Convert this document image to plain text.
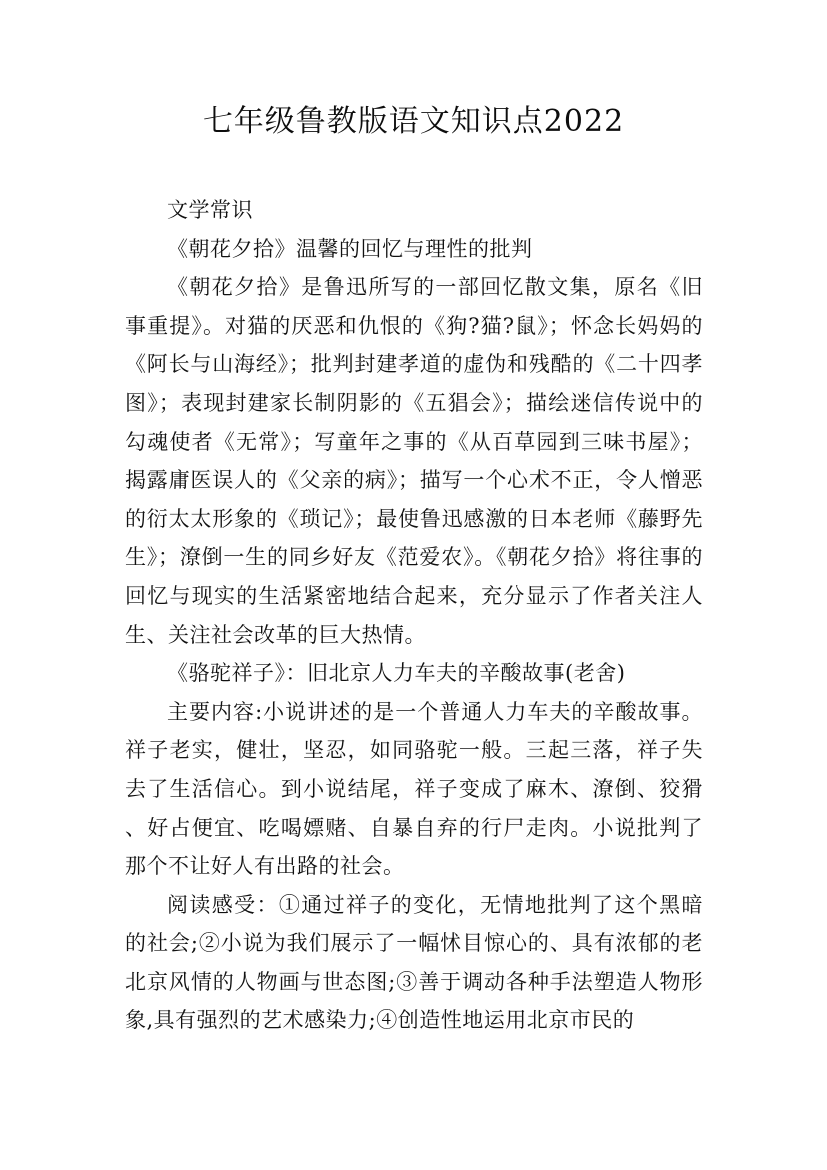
七年级鲁教版语文知识点2022

文学常识

《朝花夕拾》温馨的回忆与理性的批判

《朝花夕拾》是鲁迅所写的一部回忆散文集，原名《旧事重提》。对猫的厌恶和仇恨的《狗?猫?鼠》；怀念长妈妈的《阿长与山海经》；批判封建孝道的虚伪和残酷的《二十四孝图》；表现封建家长制阴影的《五猖会》；描绘迷信传说中的勾魂使者《无常》；写童年之事的《从百草园到三味书屋》；揭露庸医误人的《父亲的病》；描写一个心术不正，令人憎恶的衍太太形象的《琐记》；最使鲁迅感激的日本老师《藤野先生》；潦倒一生的同乡好友《范爱农》。《朝花夕拾》将往事的回忆与现实的生活紧密地结合起来，充分显示了作者关注人生、关注社会改革的巨大热情。

《骆驼祥子》：旧北京人力车夫的辛酸故事(老舍)

主要内容:小说讲述的是一个普通人力车夫的辛酸故事。祥子老实，健壮，坚忍，如同骆驼一般。三起三落，祥子失去了生活信心。到小说结尾，祥子变成了麻木、潦倒、狡猾、好占便宜、吃喝嫖赌、自暴自弃的行尸走肉。小说批判了那个不让好人有出路的社会。

阅读感受：①通过祥子的变化，无情地批判了这个黑暗的社会;②小说为我们展示了一幅怵目惊心的、具有浓郁的老北京风情的人物画与世态图;③善于调动各种手法塑造人物形象,具有强烈的艺术感染力;④创造性地运用北京市民的
